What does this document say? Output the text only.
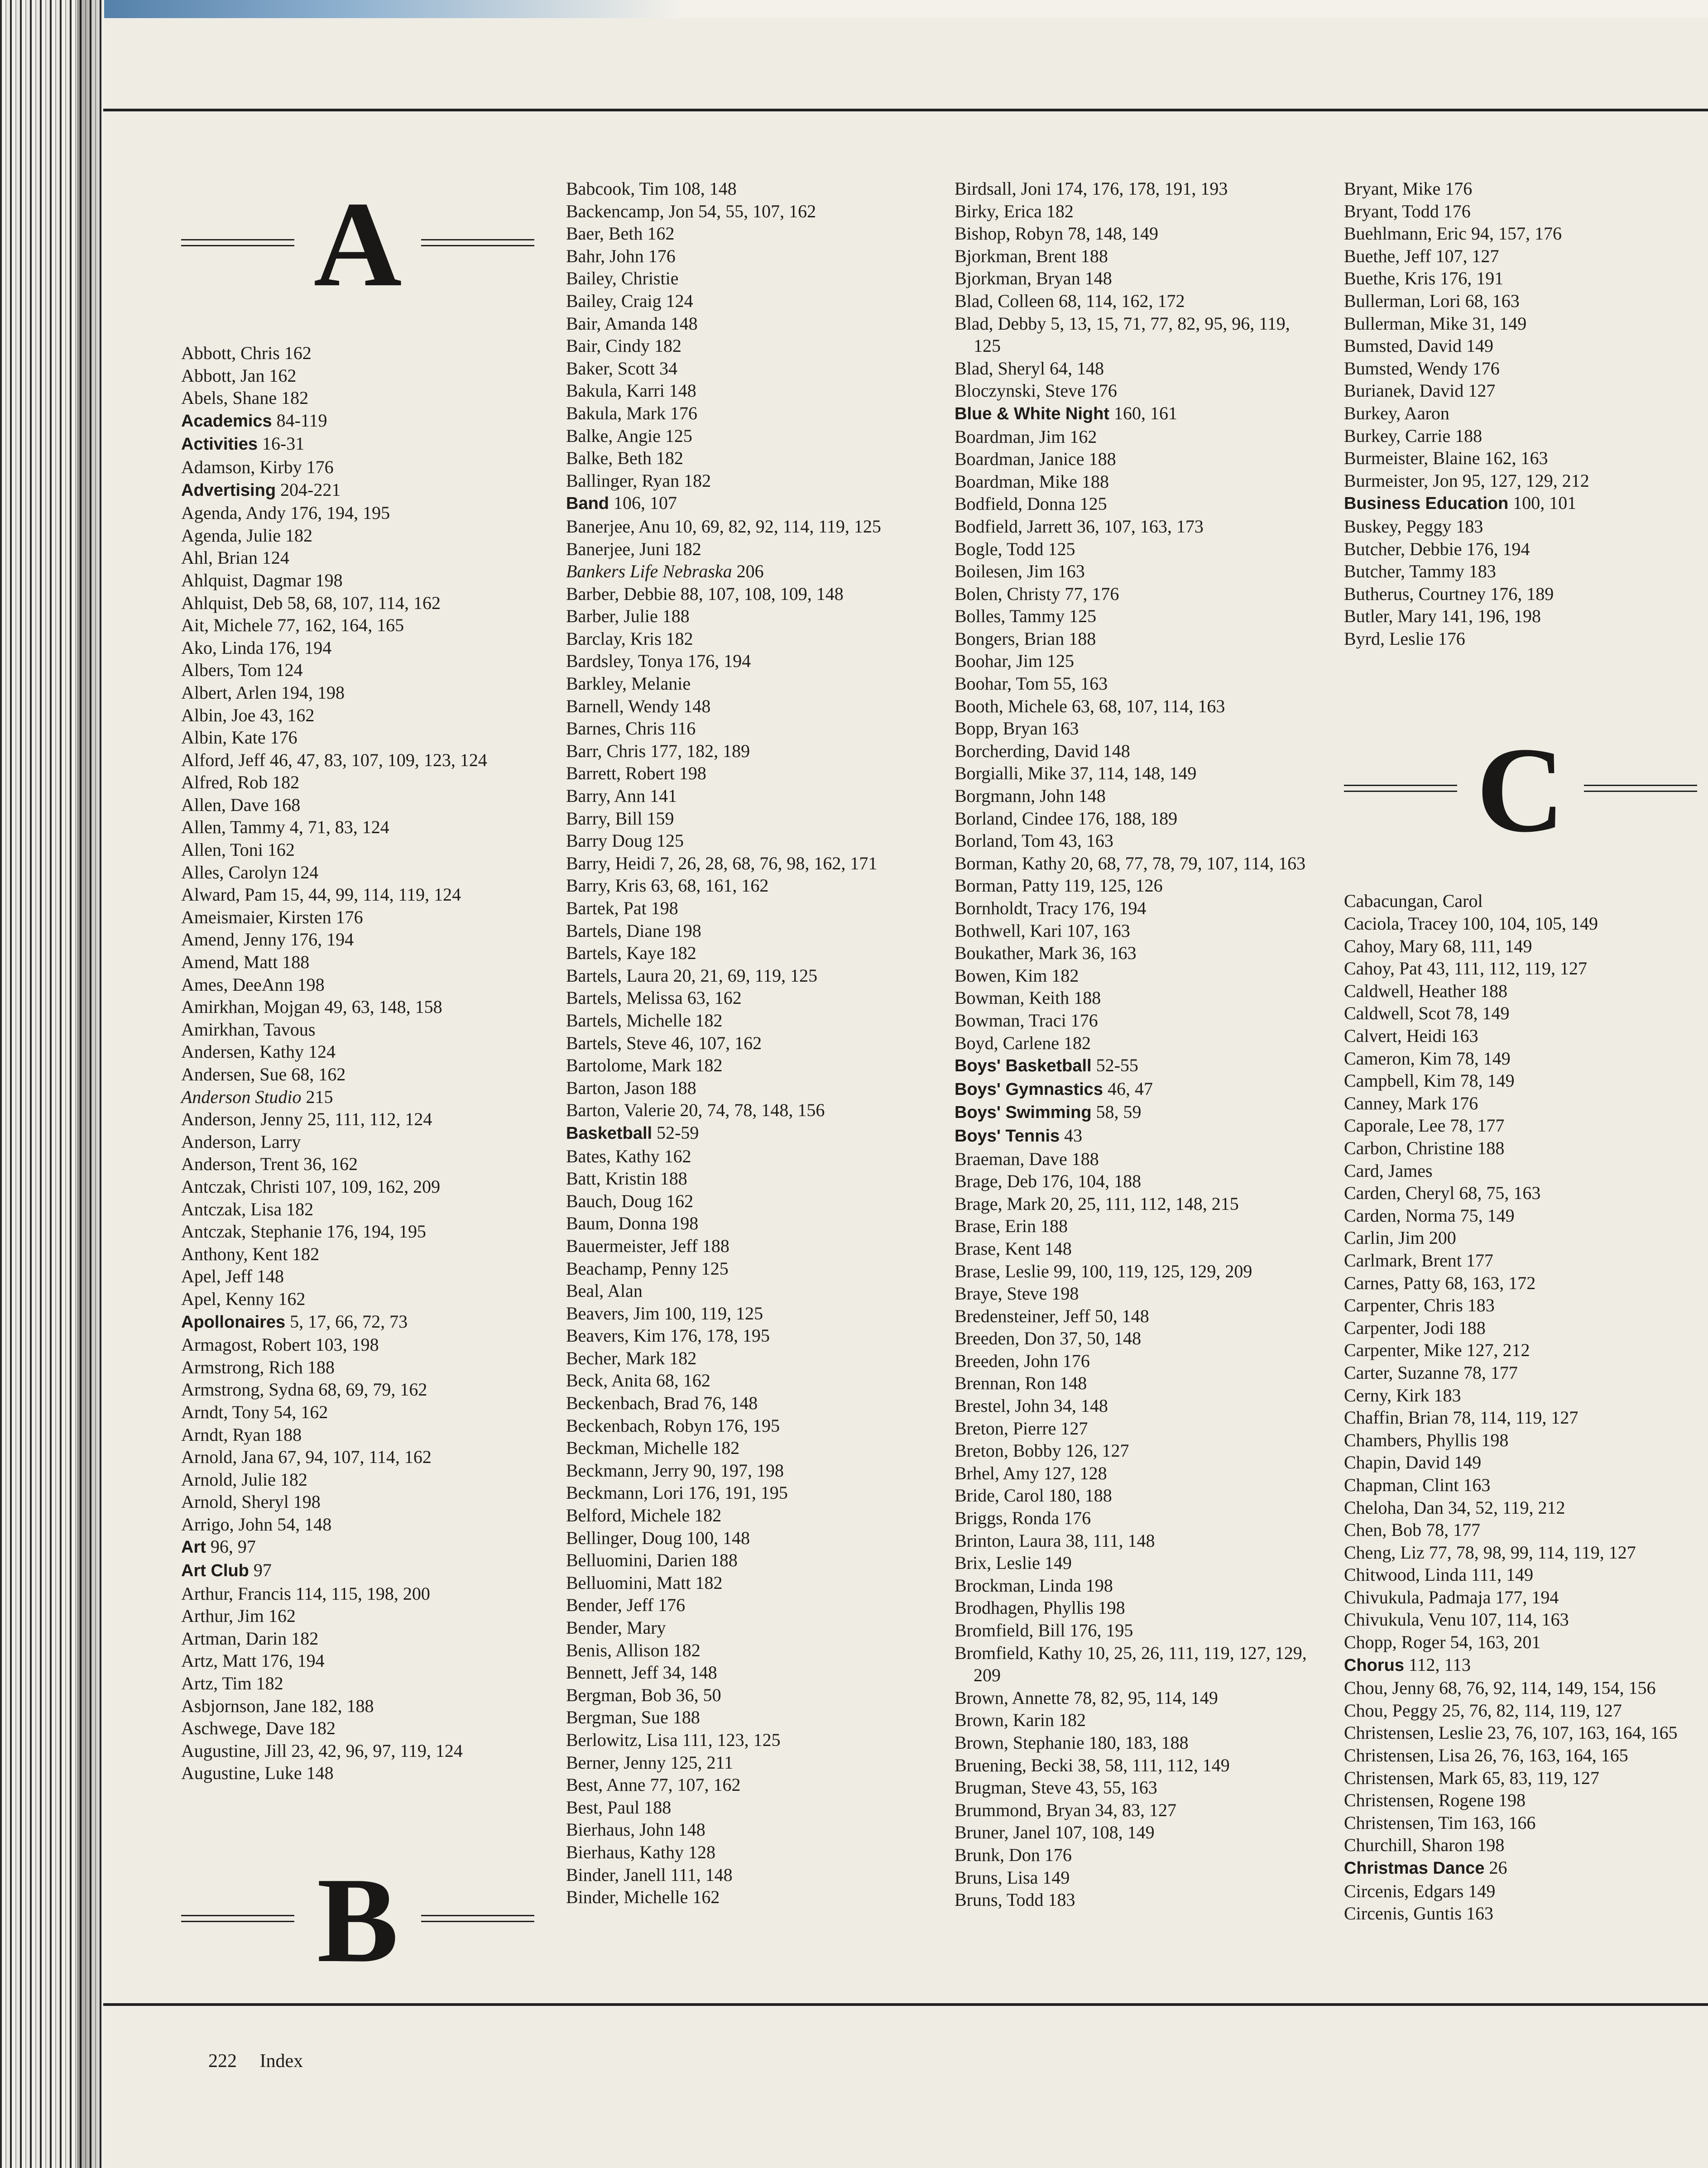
A
Abbott, Chris 162
Abbott, Jan 162
Abels, Shane 182
Academics 84-119
Activities 16-31
Adamson, Kirby 176
Advertising 204-221
Agenda, Andy 176, 194, 195
Agenda, Julie 182
Ahl, Brian 124
Ahlquist, Dagmar 198
Ahlquist, Deb 58, 68, 107, 114, 162
Ait, Michele 77, 162, 164, 165
Ako, Linda 176, 194
Albers, Tom 124
Albert, Arlen 194, 198
Albin, Joe 43, 162
Albin, Kate 176
Alford, Jeff 46, 47, 83, 107, 109, 123, 124
Alfred, Rob 182
Allen, Dave 168
Allen, Tammy 4, 71, 83, 124
Allen, Toni 162
Alles, Carolyn 124
Alward, Pam 15, 44, 99, 114, 119, 124
Ameismaier, Kirsten 176
Amend, Jenny 176, 194
Amend, Matt 188
Ames, DeeAnn 198
Amirkhan, Mojgan 49, 63, 148, 158
Amirkhan, Tavous
Andersen, Kathy 124
Andersen, Sue 68, 162
Anderson Studio 215
Anderson, Jenny 25, 111, 112, 124
Anderson, Larry
Anderson, Trent 36, 162
Antczak, Christi 107, 109, 162, 209
Antczak, Lisa 182
Antczak, Stephanie 176, 194, 195
Anthony, Kent 182
Apel, Jeff 148
Apel, Kenny 162
Apollonaires 5, 17, 66, 72, 73
Armagost, Robert 103, 198
Armstrong, Rich 188
Armstrong, Sydna 68, 69, 79, 162
Arndt, Tony 54, 162
Arndt, Ryan 188
Arnold, Jana 67, 94, 107, 114, 162
Arnold, Julie 182
Arnold, Sheryl 198
Arrigo, John 54, 148
Art 96, 97
Art Club 97
Arthur, Francis 114, 115, 198, 200
Arthur, Jim 162
Artman, Darin 182
Artz, Matt 176, 194
Artz, Tim 182
Asbjornson, Jane 182, 188
Aschwege, Dave 182
Augustine, Jill 23, 42, 96, 97, 119, 124
Augustine, Luke 148
B
Babcook, Tim 108, 148
Backencamp, Jon 54, 55, 107, 162
Baer, Beth 162
Bahr, John 176
Bailey, Christie
Bailey, Craig 124
Bair, Amanda 148
Bair, Cindy 182
Baker, Scott 34
Bakula, Karri 148
Bakula, Mark 176
Balke, Angie 125
Balke, Beth 182
Ballinger, Ryan 182
Band 106, 107
Banerjee, Anu 10, 69, 82, 92, 114, 119, 125
Banerjee, Juni 182
Bankers Life Nebraska 206
Barber, Debbie 88, 107, 108, 109, 148
Barber, Julie 188
Barclay, Kris 182
Bardsley, Tonya 176, 194
Barkley, Melanie
Barnell, Wendy 148
Barnes, Chris 116
Barr, Chris 177, 182, 189
Barrett, Robert 198
Barry, Ann 141
Barry, Bill 159
Barry Doug 125
Barry, Heidi 7, 26, 28, 68, 76, 98, 162, 171
Barry, Kris 63, 68, 161, 162
Bartek, Pat 198
Bartels, Diane 198
Bartels, Kaye 182
Bartels, Laura 20, 21, 69, 119, 125
Bartels, Melissa 63, 162
Bartels, Michelle 182
Bartels, Steve 46, 107, 162
Bartolome, Mark 182
Barton, Jason 188
Barton, Valerie 20, 74, 78, 148, 156
Basketball 52-59
Bates, Kathy 162
Batt, Kristin 188
Bauch, Doug 162
Baum, Donna 198
Bauermeister, Jeff 188
Beachamp, Penny 125
Beal, Alan
Beavers, Jim 100, 119, 125
Beavers, Kim 176, 178, 195
Becher, Mark 182
Beck, Anita 68, 162
Beckenbach, Brad 76, 148
Beckenbach, Robyn 176, 195
Beckman, Michelle 182
Beckmann, Jerry 90, 197, 198
Beckmann, Lori 176, 191, 195
Belford, Michele 182
Bellinger, Doug 100, 148
Belluomini, Darien 188
Belluomini, Matt 182
Bender, Jeff 176
Bender, Mary
Benis, Allison 182
Bennett, Jeff 34, 148
Bergman, Bob 36, 50
Bergman, Sue 188
Berlowitz, Lisa 111, 123, 125
Berner, Jenny 125, 211
Best, Anne 77, 107, 162
Best, Paul 188
Bierhaus, John 148
Bierhaus, Kathy 128
Binder, Janell 111, 148
Binder, Michelle 162
Birdsall, Joni 174, 176, 178, 191, 193
Birky, Erica 182
Bishop, Robyn 78, 148, 149
Bjorkman, Brent 188
Bjorkman, Bryan 148
Blad, Colleen 68, 114, 162, 172
Blad, Debby 5, 13, 15, 71, 77, 82, 95, 96, 119, 125
Blad, Sheryl 64, 148
Bloczynski, Steve 176
Blue & White Night 160, 161
Boardman, Jim 162
Boardman, Janice 188
Boardman, Mike 188
Bodfield, Donna 125
Bodfield, Jarrett 36, 107, 163, 173
Bogle, Todd 125
Boilesen, Jim 163
Bolen, Christy 77, 176
Bolles, Tammy 125
Bongers, Brian 188
Boohar, Jim 125
Boohar, Tom 55, 163
Booth, Michele 63, 68, 107, 114, 163
Bopp, Bryan 163
Borcherding, David 148
Borgialli, Mike 37, 114, 148, 149
Borgmann, John 148
Borland, Cindee 176, 188, 189
Borland, Tom 43, 163
Borman, Kathy 20, 68, 77, 78, 79, 107, 114, 163
Borman, Patty 119, 125, 126
Bornholdt, Tracy 176, 194
Bothwell, Kari 107, 163
Boukather, Mark 36, 163
Bowen, Kim 182
Bowman, Keith 188
Bowman, Traci 176
Boyd, Carlene 182
Boys' Basketball 52-55
Boys' Gymnastics 46, 47
Boys' Swimming 58, 59
Boys' Tennis 43
Braeman, Dave 188
Brage, Deb 176, 104, 188
Brage, Mark 20, 25, 111, 112, 148, 215
Brase, Erin 188
Brase, Kent 148
Brase, Leslie 99, 100, 119, 125, 129, 209
Braye, Steve 198
Bredensteiner, Jeff 50, 148
Breeden, Don 37, 50, 148
Breeden, John 176
Brennan, Ron 148
Brestel, John 34, 148
Breton, Pierre 127
Breton, Bobby 126, 127
Brhel, Amy 127, 128
Bride, Carol 180, 188
Briggs, Ronda 176
Brinton, Laura 38, 111, 148
Brix, Leslie 149
Brockman, Linda 198
Brodhagen, Phyllis 198
Bromfield, Bill 176, 195
Bromfield, Kathy 10, 25, 26, 111, 119, 127, 129, 209
Brown, Annette 78, 82, 95, 114, 149
Brown, Karin 182
Brown, Stephanie 180, 183, 188
Bruening, Becki 38, 58, 111, 112, 149
Brugman, Steve 43, 55, 163
Brummond, Bryan 34, 83, 127
Bruner, Janel 107, 108, 149
Brunk, Don 176
Bruns, Lisa 149
Bruns, Todd 183
Bryant, Mike 176
Bryant, Todd 176
Buehlmann, Eric 94, 157, 176
Buethe, Jeff 107, 127
Buethe, Kris 176, 191
Bullerman, Lori 68, 163
Bullerman, Mike 31, 149
Bumsted, David 149
Bumsted, Wendy 176
Burianek, David 127
Burkey, Aaron
Burkey, Carrie 188
Burmeister, Blaine 162, 163
Burmeister, Jon 95, 127, 129, 212
Business Education 100, 101
Buskey, Peggy 183
Butcher, Debbie 176, 194
Butcher, Tammy 183
Butherus, Courtney 176, 189
Butler, Mary 141, 196, 198
Byrd, Leslie 176
C
Cabacungan, Carol
Caciola, Tracey 100, 104, 105, 149
Cahoy, Mary 68, 111, 149
Cahoy, Pat 43, 111, 112, 119, 127
Caldwell, Heather 188
Caldwell, Scot 78, 149
Calvert, Heidi 163
Cameron, Kim 78, 149
Campbell, Kim 78, 149
Canney, Mark 176
Caporale, Lee 78, 177
Carbon, Christine 188
Card, James
Carden, Cheryl 68, 75, 163
Carden, Norma 75, 149
Carlin, Jim 200
Carlmark, Brent 177
Carnes, Patty 68, 163, 172
Carpenter, Chris 183
Carpenter, Jodi 188
Carpenter, Mike 127, 212
Carter, Suzanne 78, 177
Cerny, Kirk 183
Chaffin, Brian 78, 114, 119, 127
Chambers, Phyllis 198
Chapin, David 149
Chapman, Clint 163
Cheloha, Dan 34, 52, 119, 212
Chen, Bob 78, 177
Cheng, Liz 77, 78, 98, 99, 114, 119, 127
Chitwood, Linda 111, 149
Chivukula, Padmaja 177, 194
Chivukula, Venu 107, 114, 163
Chopp, Roger 54, 163, 201
Chorus 112, 113
Chou, Jenny 68, 76, 92, 114, 149, 154, 156
Chou, Peggy 25, 76, 82, 114, 119, 127
Christensen, Leslie 23, 76, 107, 163, 164, 165
Christensen, Lisa 26, 76, 163, 164, 165
Christensen, Mark 65, 83, 119, 127
Christensen, Rogene 198
Christensen, Tim 163, 166
Churchill, Sharon 198
Christmas Dance 26
Circenis, Edgars 149
Circenis, Guntis 163
222 Index
